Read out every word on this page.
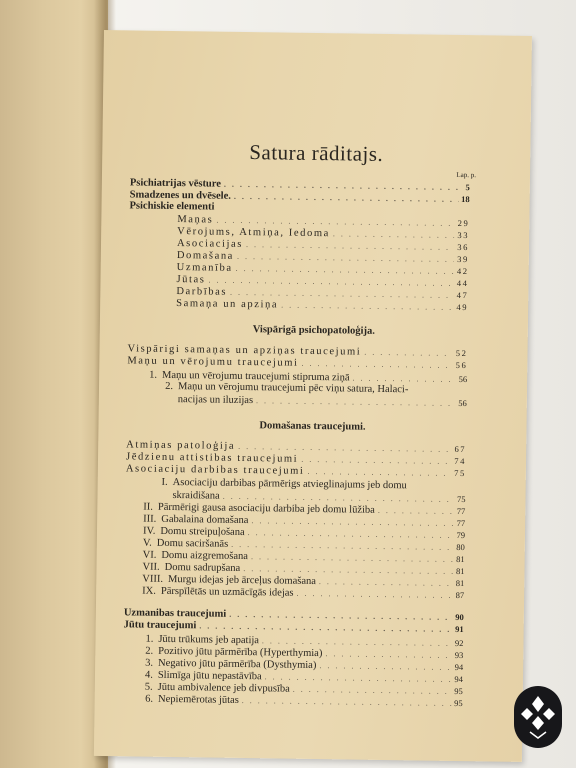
Satura rāditajs.
Lap. p.
Psichiatrijas vēsture . . .	5
Smadzenes un dvēsele. . . .	18
Psichiskie elementi
Maņas . . .	29
Vērojums, Atmiņa, Iedoma . . .	33
Asociacijas . . .	36
Domašana . . .	39
Uzmanība . . .	42
Jūtas . . .	44
Darbības . . .	47
Samaņa un apziņa . . .	49
Vispārigā psichopatoloģija.
Vispārigi samaņas un apziņas traucejumi . . .	52
Maņu un vērojumu traucejumi . . .	56
1. Maņu un vērojumu traucejumi stipruma ziņā . . .	56
2. Maņu un vērojumu traucejumi pēc viņu satura, Halaci-
nacijas un iluzijas . . .	56
Domašanas traucejumi.
Atmiņas patoloģija . . .	67
Jēdzienu attistibas traucejumi . . .	74
Asociaciju darbibas traucejumi . . .	75
I. Asociaciju darbibas pārmērigs atvieglinajums jeb domu
skraidišana . . .	75
II. Pārmērigi gausa asociaciju darbiba jeb domu lūžiba . . .	77
III. Gabalaina domašana . . .	77
IV. Domu streipuļošana . . .	79
V. Domu saciršanās . . .	80
VI. Domu aizgremošana . . .	81
VII. Domu sadrupšana . . .	81
VIII. Murgu idejas jeb ārceļus domašana . . .	81
IX. Pārspīlētās un uzmācīgās idejas . . .	87
Uzmanibas traucejumi . . .	90
Jūtu traucejumi . . .	91
1. Jūtu trūkums jeb apatija . . .	92
2. Pozitivo jūtu pārmērība (Hyperthymia) . . .	93
3. Negativo jūtu pārmērība (Dysthymia) . . .	94
4. Slimīga jūtu nepastāvība . . .	94
5. Jūtu ambivalence jeb divpusība . . .	95
6. Nepiemērotas jūtas . . .	95
